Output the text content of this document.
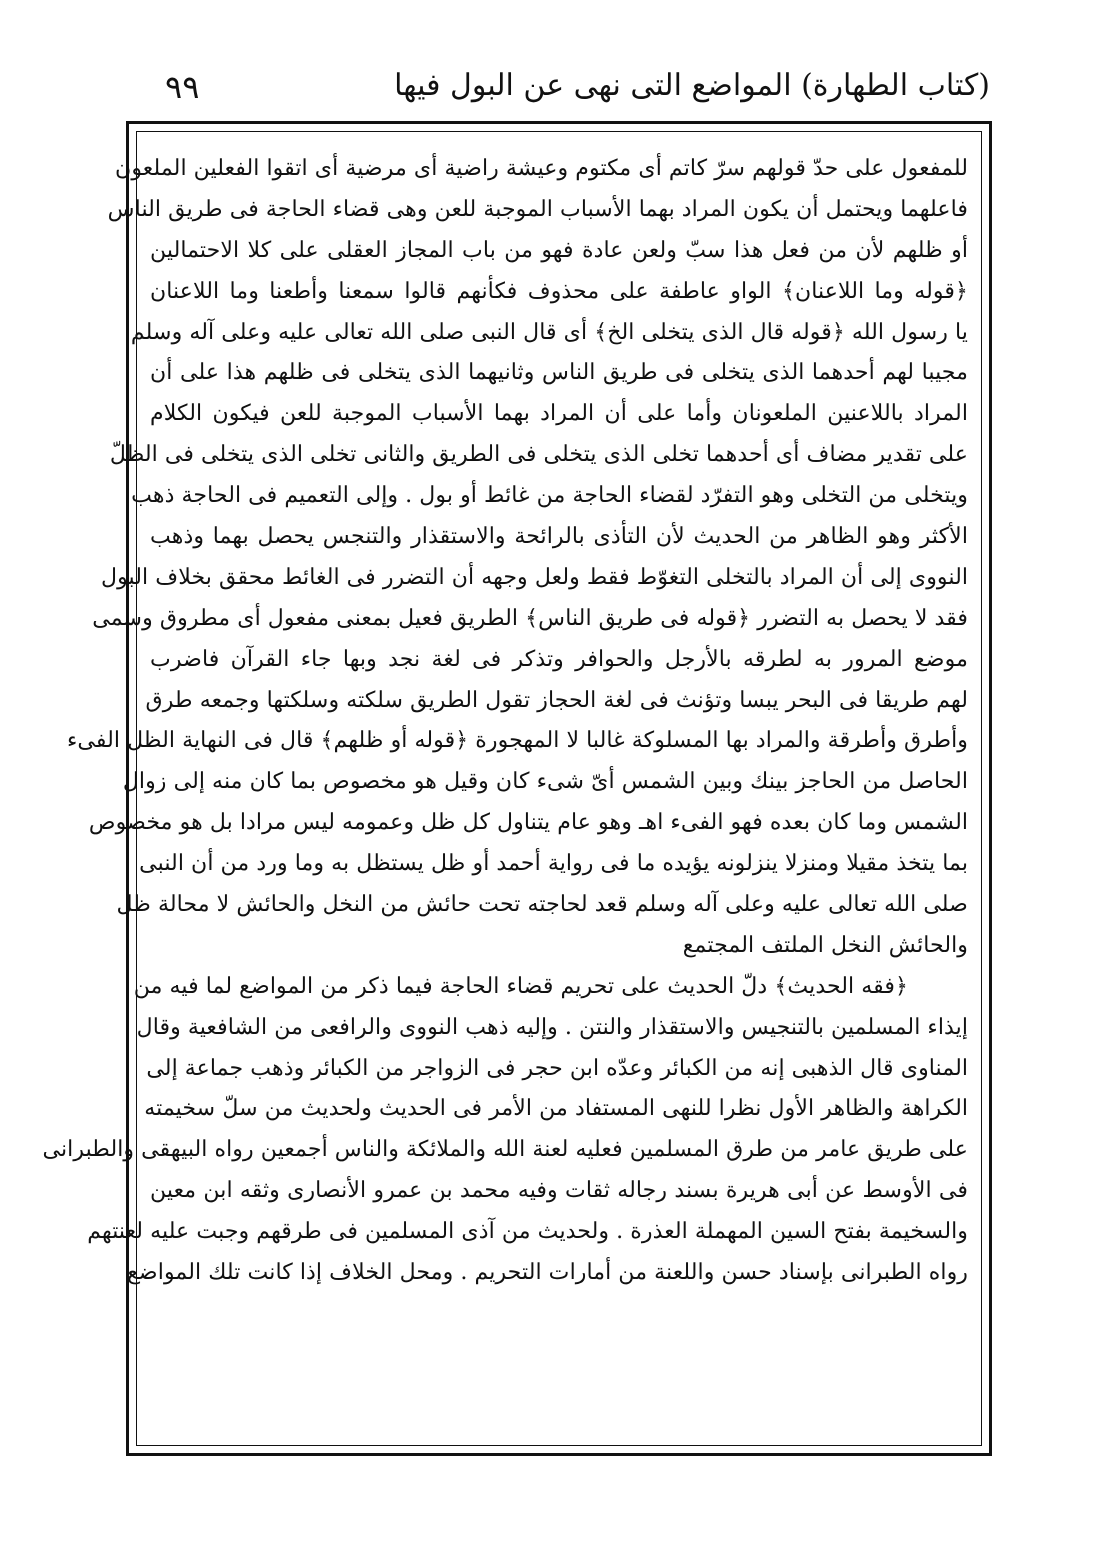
(كتاب الطهارة) المواضع التى نهى عن البول فيها
٩٩
للمفعول على حدّ قولهم سرّ كاتم أى مكتوم وعيشة راضية أى مرضية أى اتقوا الفعلين الملعون
فاعلهما ويحتمل أن يكون المراد بهما الأسباب الموجبة للعن وهى قضاء الحاجة فى طريق الناس
أو ظلهم لأن من فعل هذا سبّ ولعن عادة فهو من باب المجاز العقلى على كلا الاحتمالين
﴿قوله وما اللاعنان﴾ الواو عاطفة على محذوف فكأنهم قالوا سمعنا وأطعنا وما اللاعنان
يا رسول الله ﴿قوله قال الذى يتخلى الخ﴾ أى قال النبى صلى الله تعالى عليه وعلى آله وسلم
مجيبا لهم أحدهما الذى يتخلى فى طريق الناس وثانيهما الذى يتخلى فى ظلهم هذا على أن
المراد باللاعنين الملعونان وأما على أن المراد بهما الأسباب الموجبة للعن فيكون الكلام
على تقدير مضاف أى أحدهما تخلى الذى يتخلى فى الطريق والثانى تخلى الذى يتخلى فى الظلّ
ويتخلى من التخلى وهو التفرّد لقضاء الحاجة من غائط أو بول . وإلى التعميم فى الحاجة ذهب
الأكثر وهو الظاهر من الحديث لأن التأذى بالرائحة والاستقذار والتنجس يحصل بهما وذهب
النووى إلى أن المراد بالتخلى التغوّط فقط ولعل وجهه أن التضرر فى الغائط محقق بخلاف البول
فقد لا يحصل به التضرر ﴿قوله فى طريق الناس﴾ الطريق فعيل بمعنى مفعول أى مطروق وسمى
موضع المرور به لطرقه بالأرجل والحوافر وتذكر فى لغة نجد وبها جاء القرآن فاضرب
لهم طريقا فى البحر يبسا وتؤنث فى لغة الحجاز تقول الطريق سلكته وسلكتها وجمعه طرق
وأطرق وأطرقة والمراد بها المسلوكة غالبا لا المهجورة ﴿قوله أو ظلهم﴾ قال فى النهاية الظل الفىء
الحاصل من الحاجز بينك وبين الشمس أىّ شىء كان وقيل هو مخصوص بما كان منه إلى زوال
الشمس وما كان بعده فهو الفىء اهـ وهو عام يتناول كل ظل وعمومه ليس مرادا بل هو مخصوص
بما يتخذ مقيلا ومنزلا ينزلونه يؤيده ما فى رواية أحمد أو ظل يستظل به وما ورد من أن النبى
صلى الله تعالى عليه وعلى آله وسلم قعد لحاجته تحت حائش من النخل والحائش لا محالة ظل
والحائش النخل الملتف المجتمع
﴿فقه الحديث﴾ دلّ الحديث على تحريم قضاء الحاجة فيما ذكر من المواضع لما فيه من
إيذاء المسلمين بالتنجيس والاستقذار والنتن . وإليه ذهب النووى والرافعى من الشافعية وقال
المناوى قال الذهبى إنه من الكبائر وعدّه ابن حجر فى الزواجر من الكبائر وذهب جماعة إلى
الكراهة والظاهر الأول نظرا للنهى المستفاد من الأمر فى الحديث ولحديث من سلّ سخيمته
على طريق عامر من طرق المسلمين فعليه لعنة الله والملائكة والناس أجمعين رواه البيهقى والطبرانى
فى الأوسط عن أبى هريرة بسند رجاله ثقات وفيه محمد بن عمرو الأنصارى وثقه ابن معين
والسخيمة بفتح السين المهملة العذرة . ولحديث من آذى المسلمين فى طرقهم وجبت عليه لعنتهم
رواه الطبرانى بإسناد حسن واللعنة من أمارات التحريم . ومحل الخلاف إذا كانت تلك المواضع
